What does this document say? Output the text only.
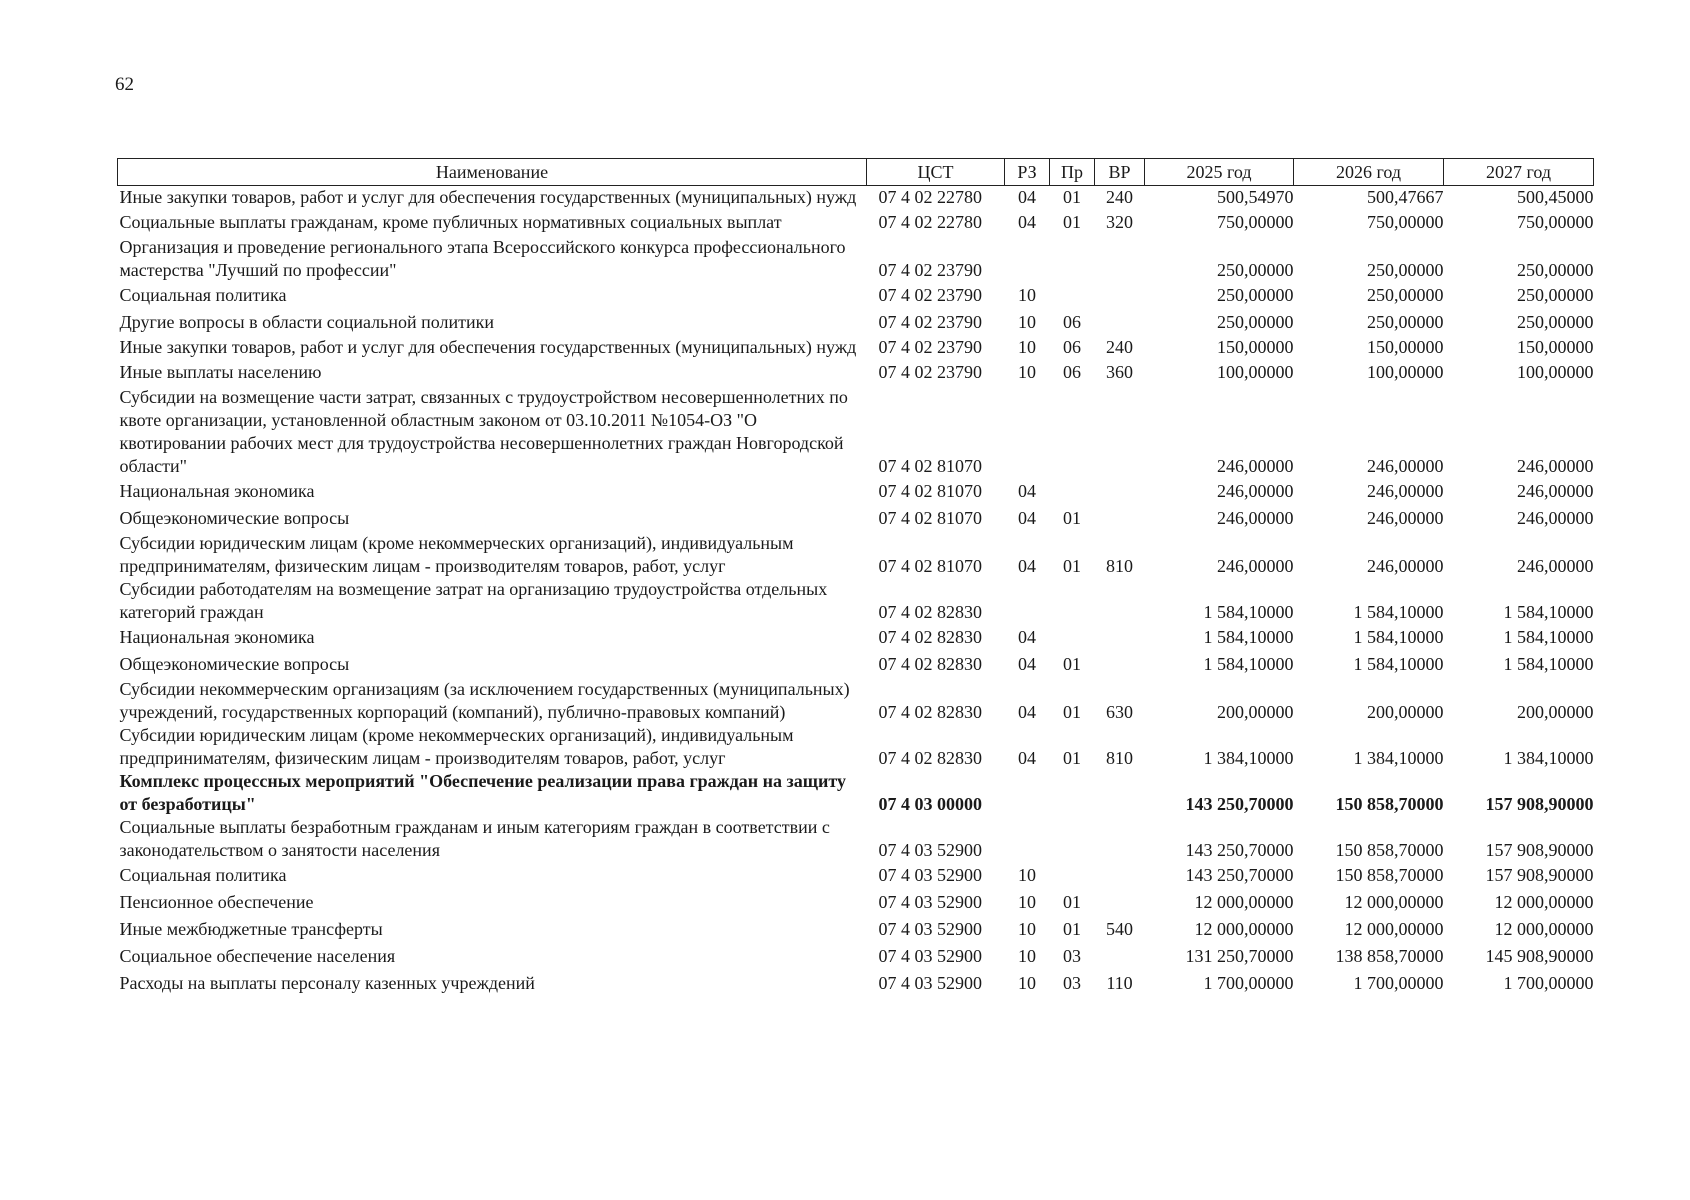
62
Наименование	ЦСТ	РЗ	Пр	ВР	2025 год	2026 год	2027 год
Иные закупки товаров, работ и услуг для обеспечения государственных (муниципальных) нужд	07 4 02 22780	04	01	240	500,54970	500,47667	500,45000
Социальные выплаты гражданам, кроме публичных нормативных социальных выплат	07 4 02 22780	04	01	320	750,00000	750,00000	750,00000
Организация и проведение регионального этапа Всероссийского конкурса профессионального мастерства "Лучший по профессии"	07 4 02 23790				250,00000	250,00000	250,00000
Социальная политика	07 4 02 23790	10			250,00000	250,00000	250,00000
Другие вопросы в области социальной политики	07 4 02 23790	10	06		250,00000	250,00000	250,00000
Иные закупки товаров, работ и услуг для обеспечения государственных (муниципальных) нужд	07 4 02 23790	10	06	240	150,00000	150,00000	150,00000
Иные выплаты населению	07 4 02 23790	10	06	360	100,00000	100,00000	100,00000
Субсидии на возмещение части затрат, связанных с трудоустройством несовершеннолетних по квоте организации, установленной областным законом от 03.10.2011 №1054-ОЗ "О квотировании рабочих мест для трудоустройства несовершеннолетних граждан Новгородской области"	07 4 02 81070				246,00000	246,00000	246,00000
Национальная экономика	07 4 02 81070	04			246,00000	246,00000	246,00000
Общеэкономические вопросы	07 4 02 81070	04	01		246,00000	246,00000	246,00000
Субсидии юридическим лицам (кроме некоммерческих организаций), индивидуальным предпринимателям, физическим лицам - производителям товаров, работ, услуг	07 4 02 81070	04	01	810	246,00000	246,00000	246,00000
Субсидии работодателям на возмещение затрат на организацию трудоустройства отдельных категорий граждан	07 4 02 82830				1 584,10000	1 584,10000	1 584,10000
Национальная экономика	07 4 02 82830	04			1 584,10000	1 584,10000	1 584,10000
Общеэкономические вопросы	07 4 02 82830	04	01		1 584,10000	1 584,10000	1 584,10000
Субсидии некоммерческим организациям (за исключением государственных (муниципальных) учреждений, государственных корпораций (компаний), публично-правовых компаний)	07 4 02 82830	04	01	630	200,00000	200,00000	200,00000
Субсидии юридическим лицам (кроме некоммерческих организаций), индивидуальным предпринимателям, физическим лицам - производителям товаров, работ, услуг	07 4 02 82830	04	01	810	1 384,10000	1 384,10000	1 384,10000
Комплекс процессных мероприятий "Обеспечение реализации права граждан на защиту от безработицы"	07 4 03 00000				143 250,70000	150 858,70000	157 908,90000
Социальные выплаты безработным гражданам и иным категориям граждан в соответствии с законодательством о занятости населения	07 4 03 52900				143 250,70000	150 858,70000	157 908,90000
Социальная политика	07 4 03 52900	10			143 250,70000	150 858,70000	157 908,90000
Пенсионное обеспечение	07 4 03 52900	10	01		12 000,00000	12 000,00000	12 000,00000
Иные межбюджетные трансферты	07 4 03 52900	10	01	540	12 000,00000	12 000,00000	12 000,00000
Социальное обеспечение населения	07 4 03 52900	10	03		131 250,70000	138 858,70000	145 908,90000
Расходы на выплаты персоналу казенных учреждений	07 4 03 52900	10	03	110	1 700,00000	1 700,00000	1 700,00000
